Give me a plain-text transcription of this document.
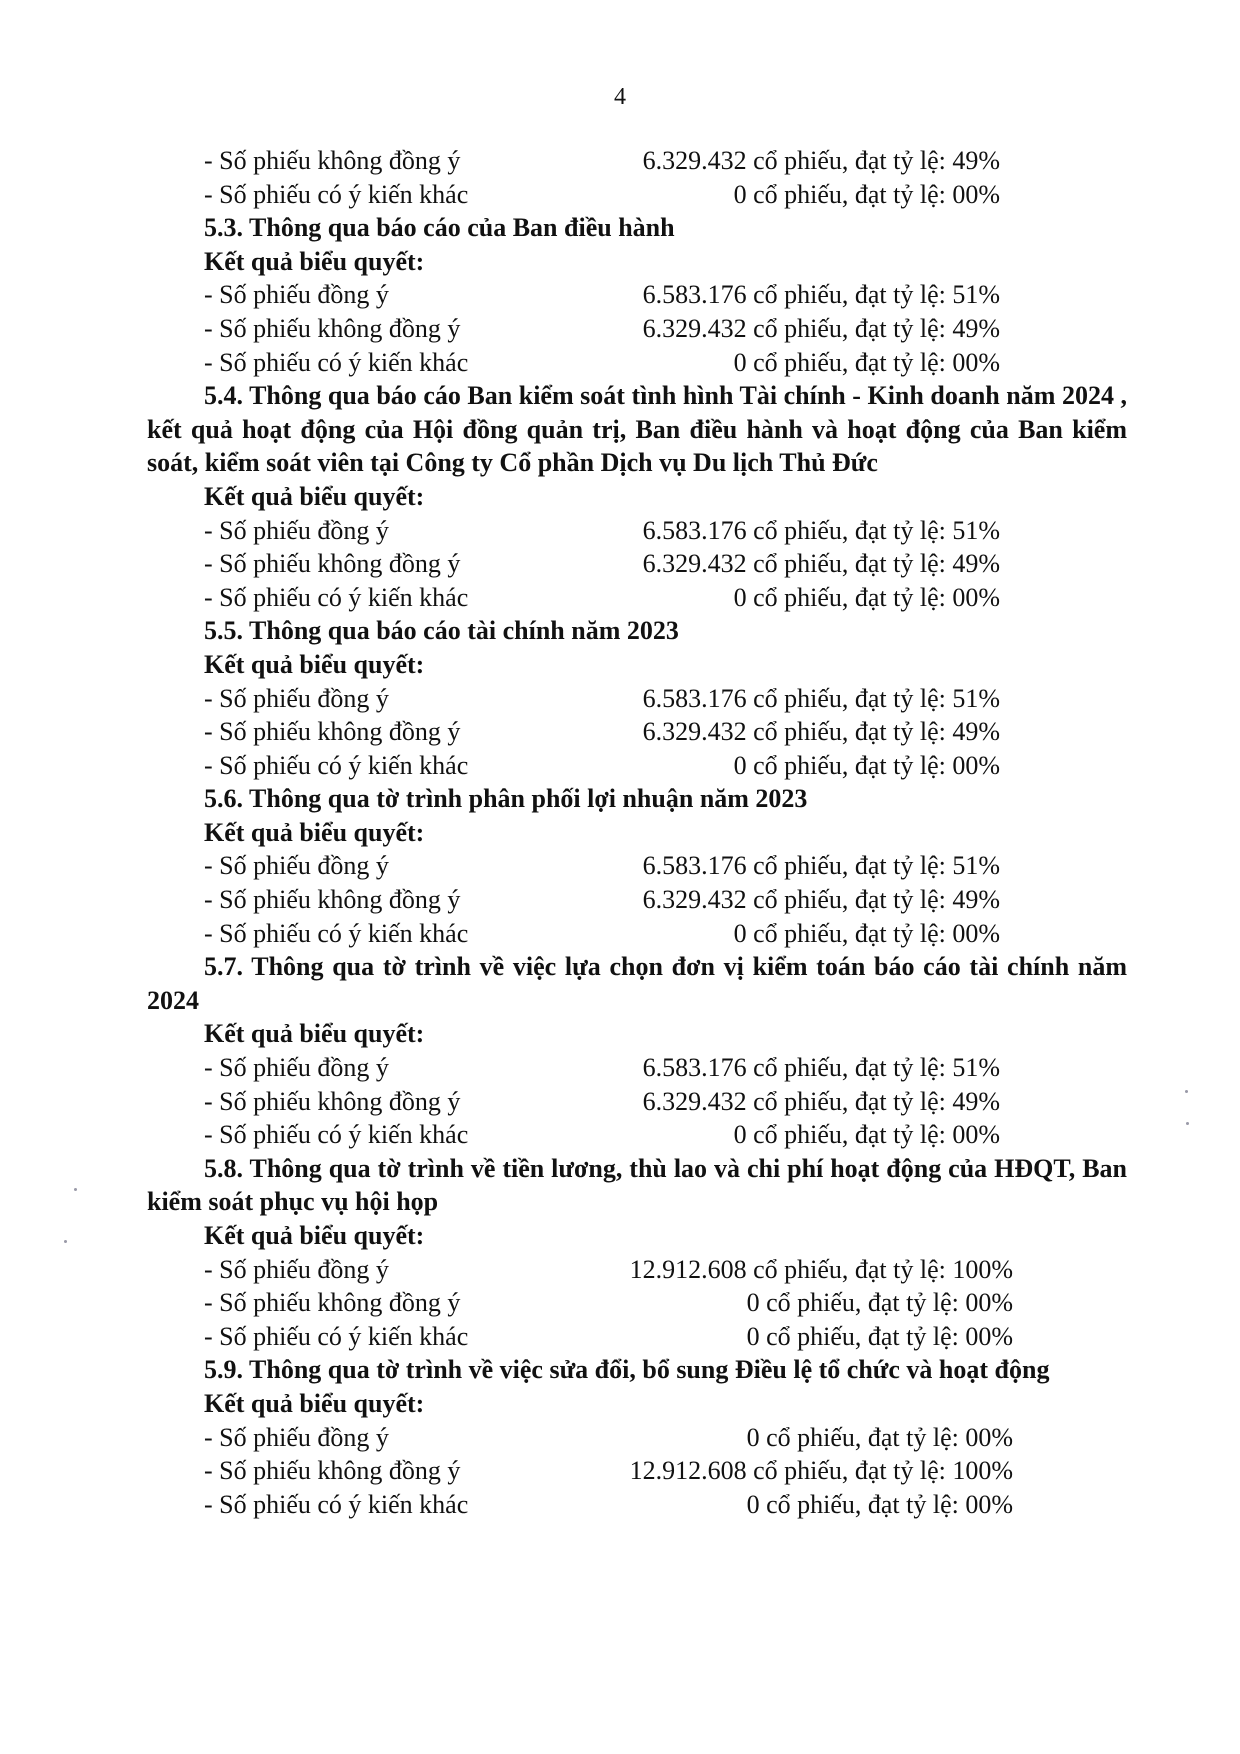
4
- Số phiếu không đồng ý	6.329.432 cổ phiếu, đạt tỷ lệ: 49%
- Số phiếu có ý kiến khác	0 cổ phiếu, đạt tỷ lệ: 00%

5.3. Thông qua báo cáo của Ban điều hành

Kết quả biểu quyết:
- Số phiếu đồng ý	6.583.176 cổ phiếu, đạt tỷ lệ: 51%
- Số phiếu không đồng ý	6.329.432 cổ phiếu, đạt tỷ lệ: 49%
- Số phiếu có ý kiến khác	0 cổ phiếu, đạt tỷ lệ: 00%

5.4. Thông qua báo cáo Ban kiểm soát tình hình Tài chính - Kinh doanh năm 2024 , kết quả hoạt động của Hội đồng quản trị, Ban điều hành và hoạt động của Ban kiểm soát, kiểm soát viên tại Công ty Cổ phần Dịch vụ Du lịch Thủ Đức

Kết quả biểu quyết:
- Số phiếu đồng ý	6.583.176 cổ phiếu, đạt tỷ lệ: 51%
- Số phiếu không đồng ý	6.329.432 cổ phiếu, đạt tỷ lệ: 49%
- Số phiếu có ý kiến khác	0 cổ phiếu, đạt tỷ lệ: 00%

5.5. Thông qua báo cáo tài chính năm 2023

Kết quả biểu quyết:
- Số phiếu đồng ý	6.583.176 cổ phiếu, đạt tỷ lệ: 51%
- Số phiếu không đồng ý	6.329.432 cổ phiếu, đạt tỷ lệ: 49%
- Số phiếu có ý kiến khác	0 cổ phiếu, đạt tỷ lệ: 00%

5.6. Thông qua tờ trình phân phối lợi nhuận năm 2023

Kết quả biểu quyết:
- Số phiếu đồng ý	6.583.176 cổ phiếu, đạt tỷ lệ: 51%
- Số phiếu không đồng ý	6.329.432 cổ phiếu, đạt tỷ lệ: 49%
- Số phiếu có ý kiến khác	0 cổ phiếu, đạt tỷ lệ: 00%

5.7. Thông qua tờ trình về việc lựa chọn đơn vị kiểm toán báo cáo tài chính năm 2024

Kết quả biểu quyết:
- Số phiếu đồng ý	6.583.176 cổ phiếu, đạt tỷ lệ: 51%
- Số phiếu không đồng ý	6.329.432 cổ phiếu, đạt tỷ lệ: 49%
- Số phiếu có ý kiến khác	0 cổ phiếu, đạt tỷ lệ: 00%

5.8. Thông qua tờ trình về tiền lương, thù lao và chi phí hoạt động của HĐQT, Ban kiểm soát phục vụ hội họp

Kết quả biểu quyết:
- Số phiếu đồng ý	12.912.608 cổ phiếu, đạt tỷ lệ: 100%
- Số phiếu không đồng ý	0 cổ phiếu, đạt tỷ lệ: 00%
- Số phiếu có ý kiến khác	0 cổ phiếu, đạt tỷ lệ: 00%

5.9. Thông qua tờ trình về việc sửa đổi, bổ sung Điều lệ tổ chức và hoạt động

Kết quả biểu quyết:
- Số phiếu đồng ý	0 cổ phiếu, đạt tỷ lệ: 00%
- Số phiếu không đồng ý	12.912.608 cổ phiếu, đạt tỷ lệ: 100%
- Số phiếu có ý kiến khác	0 cổ phiếu, đạt tỷ lệ: 00%
